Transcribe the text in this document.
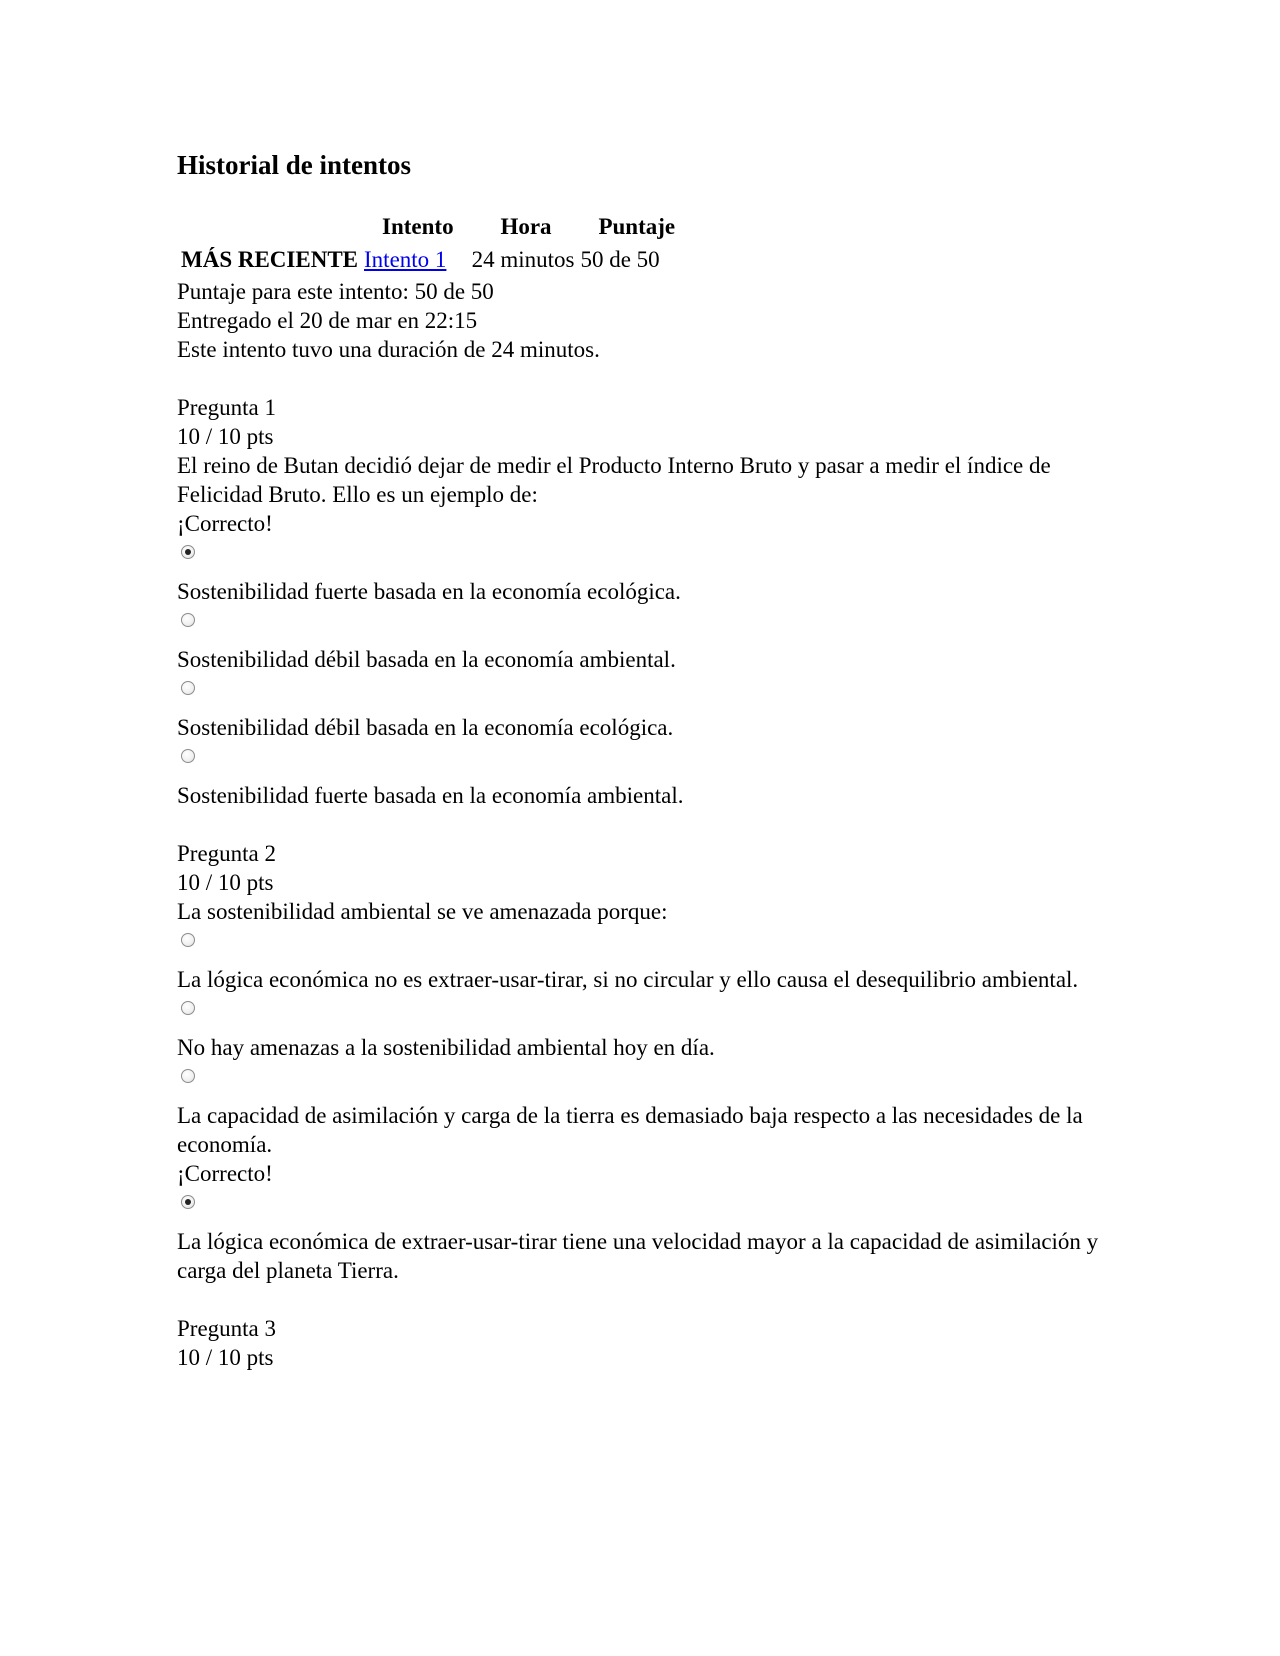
Historial de intentos
	Intento	Hora	Puntaje
MÁS RECIENTE	Intento 1	24 minutos	50 de 50
Puntaje para este intento: 50 de 50
Entregado el 20 de mar en 22:15
Este intento tuvo una duración de 24 minutos.
Pregunta 1
10 / 10 pts
El reino de Butan decidió dejar de medir el Producto Interno Bruto y pasar a medir el índice de Felicidad Bruto. Ello es un ejemplo de:
¡Correcto!
Sostenibilidad fuerte basada en la economía ecológica.
Sostenibilidad débil basada en la economía ambiental.
Sostenibilidad débil basada en la economía ecológica.
Sostenibilidad fuerte basada en la economía ambiental.
Pregunta 2
10 / 10 pts
La sostenibilidad ambiental se ve amenazada porque:
La lógica económica no es extraer-usar-tirar, si no circular y ello causa el desequilibrio ambiental.
No hay amenazas a la sostenibilidad ambiental hoy en día.
La capacidad de asimilación y carga de la tierra es demasiado baja respecto a las necesidades de la economía.
¡Correcto!
La lógica económica de extraer-usar-tirar tiene una velocidad mayor a la capacidad de asimilación y carga del planeta Tierra.
Pregunta 3
10 / 10 pts
